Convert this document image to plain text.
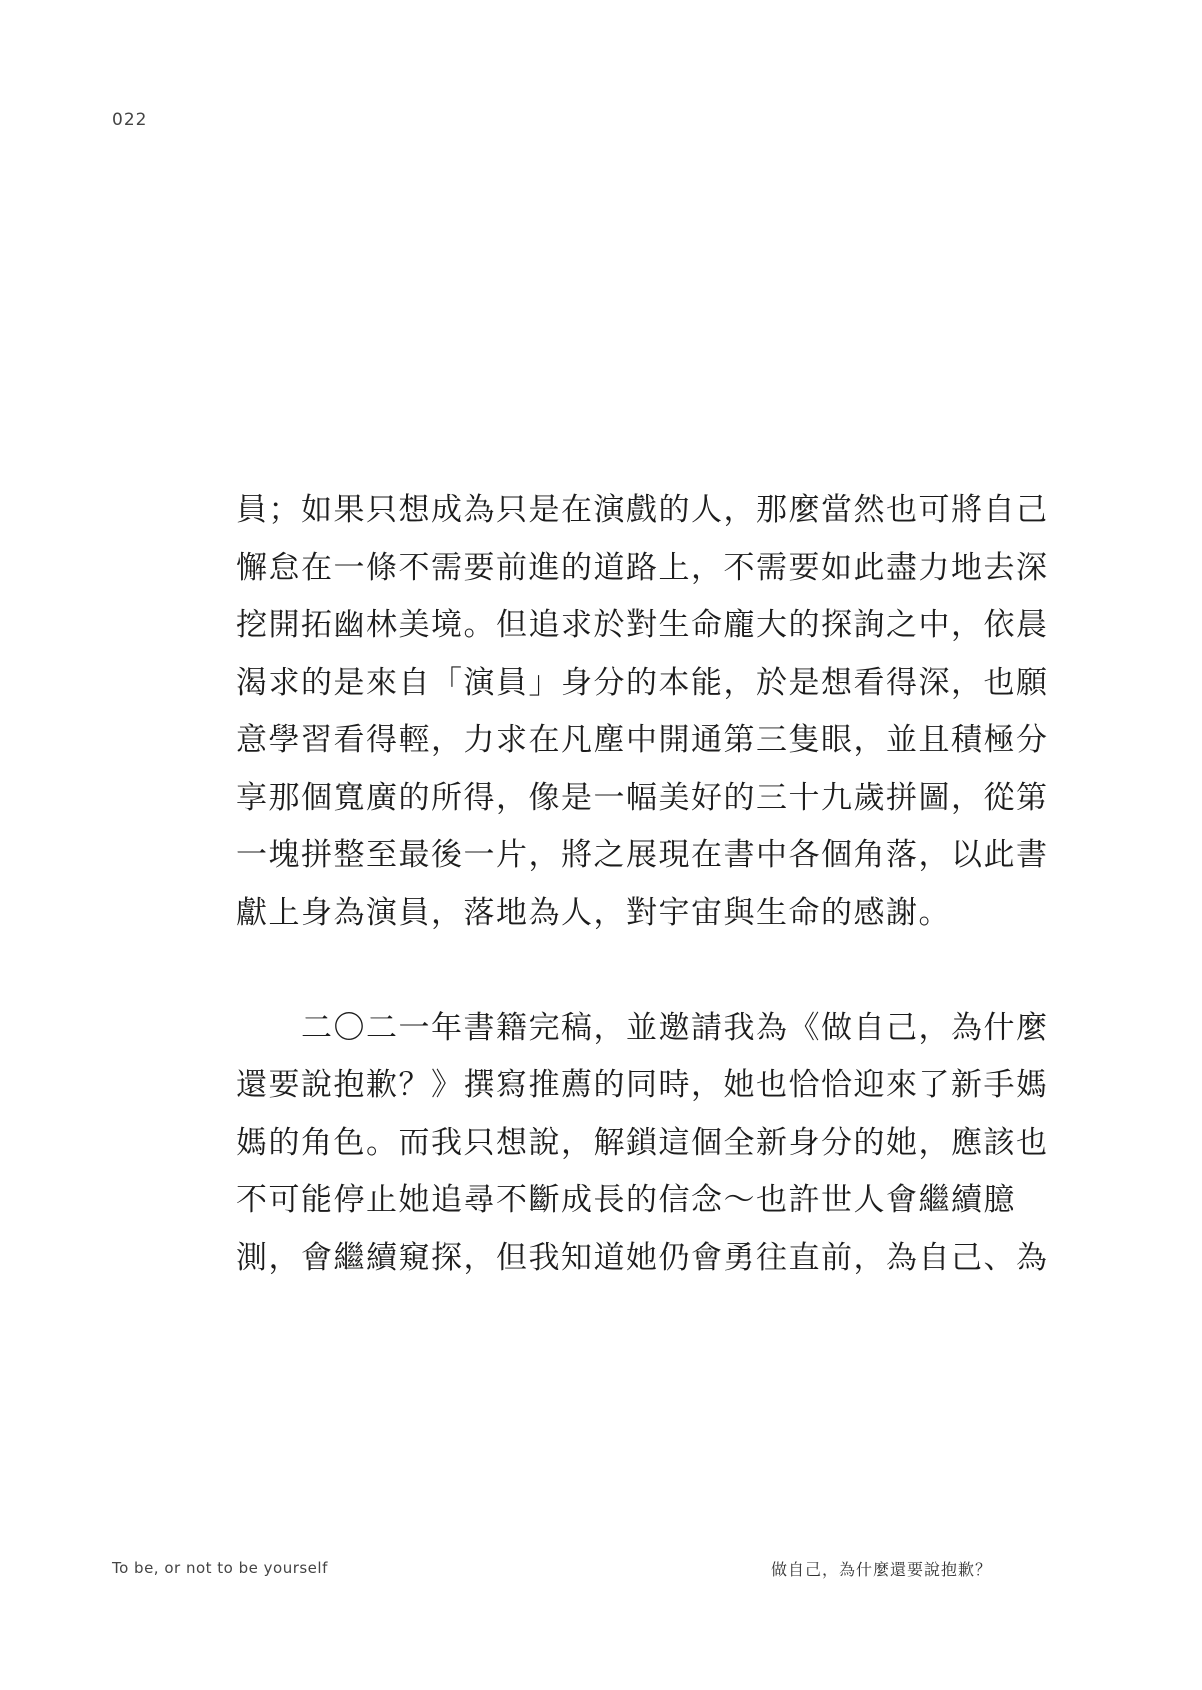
022
員；如果只想成為只是在演戲的人，那麼當然也可將自己
懈怠在一條不需要前進的道路上，不需要如此盡力地去深
挖開拓幽林美境。但追求於對生命龐大的探詢之中，依晨
渴求的是來自「演員」身分的本能，於是想看得深，也願
意學習看得輕，力求在凡塵中開通第三隻眼，並且積極分
享那個寬廣的所得，像是一幅美好的三十九歲拼圖，從第
一塊拼整至最後一片，將之展現在書中各個角落，以此書
獻上身為演員，落地為人，對宇宙與生命的感謝。
　　二〇二一年書籍完稿，並邀請我為《做自己，為什麼
還要說抱歉？》撰寫推薦的同時，她也恰恰迎來了新手媽
媽的角色。而我只想說，解鎖這個全新身分的她，應該也
不可能停止她追尋不斷成長的信念～也許世人會繼續臆
測，會繼續窺探，但我知道她仍會勇往直前，為自己、為
To be, or not to be yourself	做自己，為什麼還要說抱歉？
